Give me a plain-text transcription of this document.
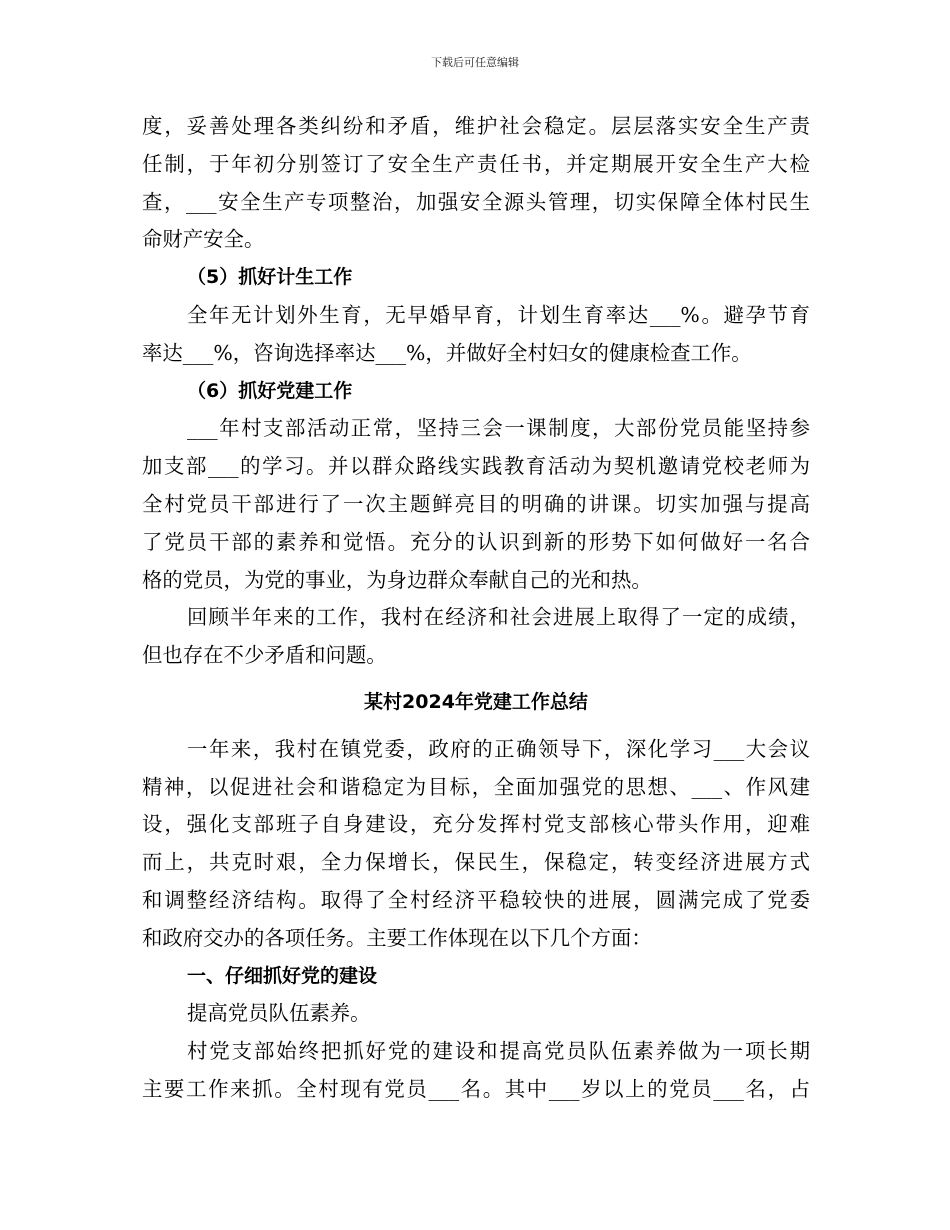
下载后可任意编辑
度，妥善处理各类纠纷和矛盾，维护社会稳定。层层落实安全生产责
任制，于年初分别签订了安全生产责任书，并定期展开安全生产大检
查，___安全生产专项整治，加强安全源头管理，切实保障全体村民生
命财产安全。
（5）抓好计生工作
全年无计划外生育，无早婚早育，计划生育率达___%。避孕节育
率达___%，咨询选择率达___%，并做好全村妇女的健康检查工作。
（6）抓好党建工作
___年村支部活动正常，坚持三会一课制度，大部份党员能坚持参
加支部___的学习。并以群众路线实践教育活动为契机邀请党校老师为
全村党员干部进行了一次主题鲜亮目的明确的讲课。切实加强与提高
了党员干部的素养和觉悟。充分的认识到新的形势下如何做好一名合
格的党员，为党的事业，为身边群众奉献自己的光和热。
回顾半年来的工作，我村在经济和社会进展上取得了一定的成绩，
但也存在不少矛盾和问题。
某村2024年党建工作总结
一年来，我村在镇党委，政府的正确领导下，深化学习___大会议
精神，以促进社会和谐稳定为目标，全面加强党的思想、___、作风建
设，强化支部班子自身建设，充分发挥村党支部核心带头作用，迎难
而上，共克时艰，全力保增长，保民生，保稳定，转变经济进展方式
和调整经济结构。取得了全村经济平稳较快的进展，圆满完成了党委
和政府交办的各项任务。主要工作体现在以下几个方面：
一、仔细抓好党的建设
提高党员队伍素养。
村党支部始终把抓好党的建设和提高党员队伍素养做为一项长期
主要工作来抓。全村现有党员___名。其中___岁以上的党员___名，占
